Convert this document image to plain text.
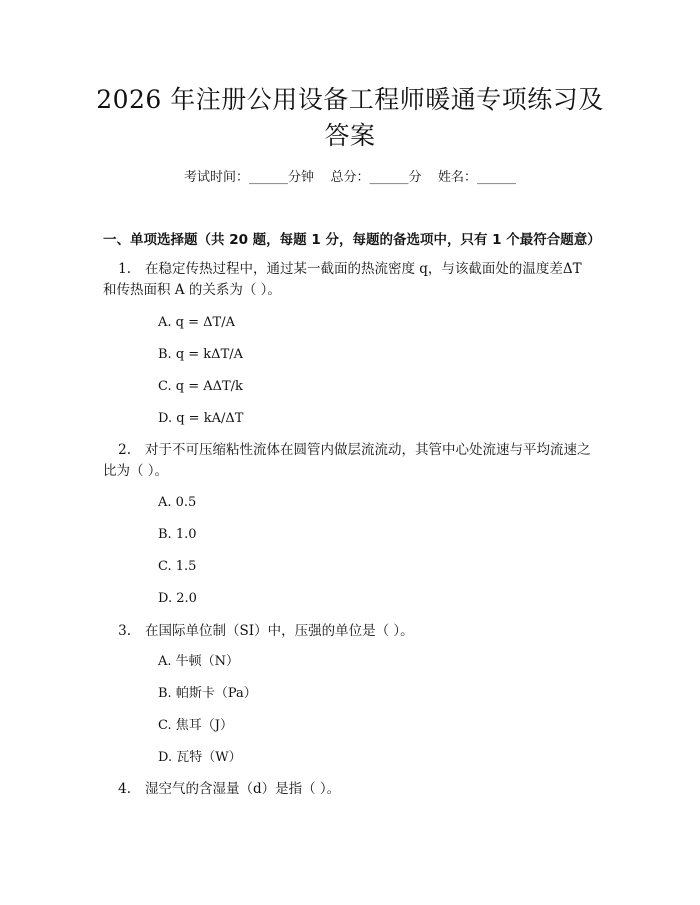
2026 年注册公用设备工程师暖通专项练习及答案
考试时间：______分钟    总分：______分    姓名：______
一、单项选择题（共 20 题，每题 1 分，每题的备选项中，只有 1 个最符合题意）
1. 在稳定传热过程中，通过某一截面的热流密度 q，与该截面处的温度差ΔT 和传热面积 A 的关系为（ ）。
A. q = ΔT/A
B. q = kΔT/A
C. q = AΔT/k
D. q = kA/ΔT
2. 对于不可压缩粘性流体在圆管内做层流流动，其管中心处流速与平均流速之比为（ ）。
A. 0.5
B. 1.0
C. 1.5
D. 2.0
3. 在国际单位制（SI）中，压强的单位是（ ）。
A. 牛顿（N）
B. 帕斯卡（Pa）
C. 焦耳（J）
D. 瓦特（W）
4. 湿空气的含湿量（d）是指（ ）。
